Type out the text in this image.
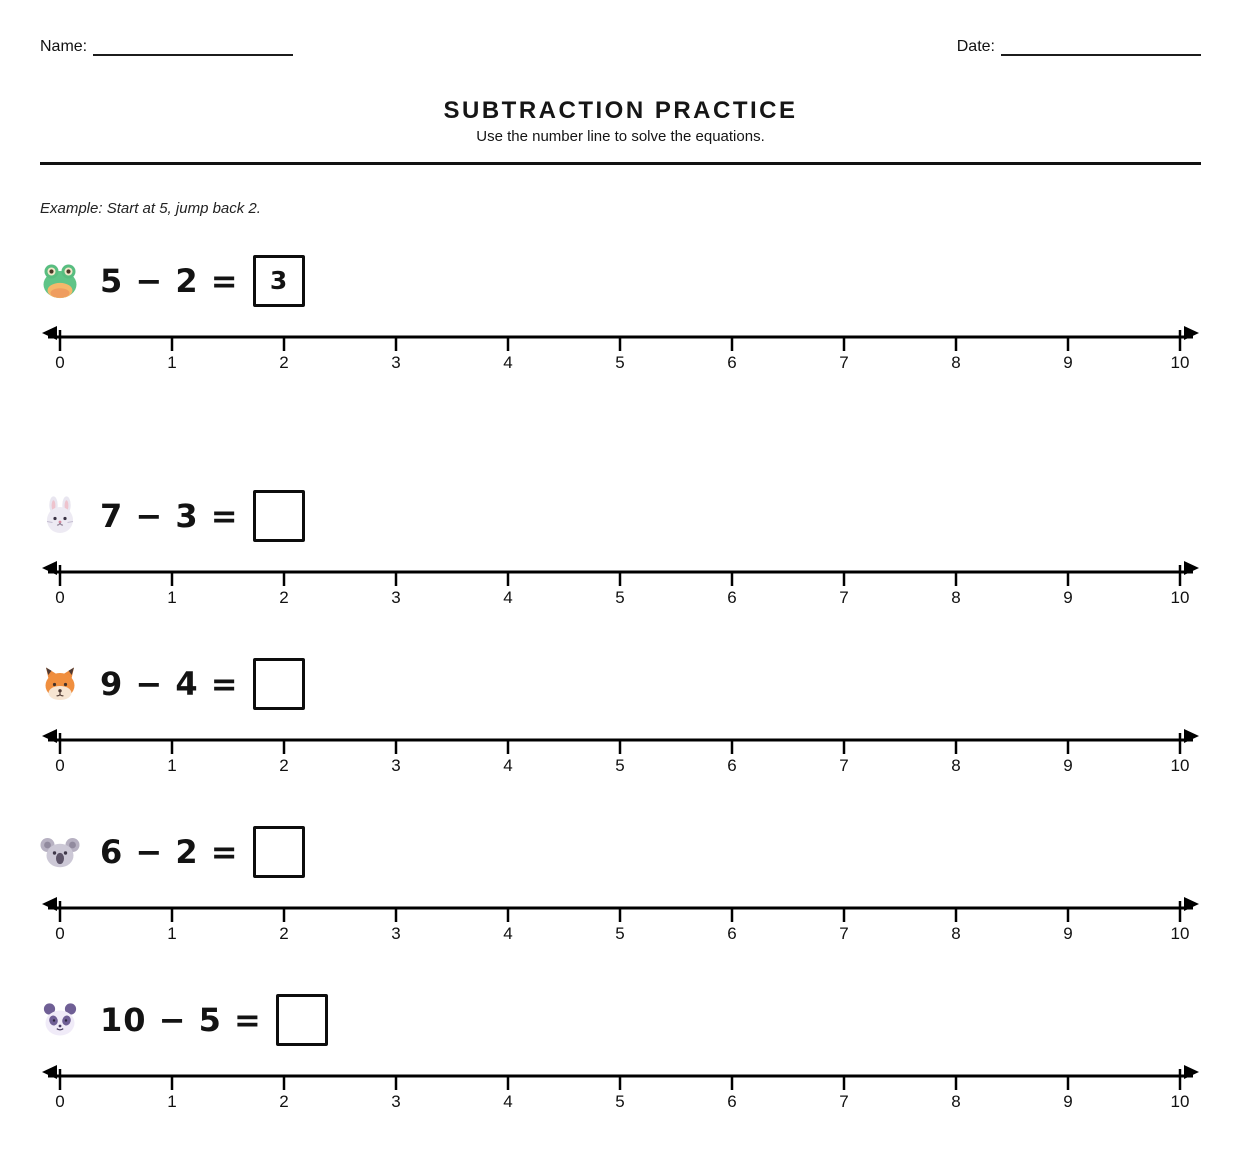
Name:	Date:
SUBTRACTION PRACTICE
Use the number line to solve the equations.
Example: Start at 5, jump back 2.
5 − 2 = 3
0	1	2	3	4	5	6	7	8	9	10
7 − 3 =
0	1	2	3	4	5	6	7	8	9	10
9 − 4 =
0	1	2	3	4	5	6	7	8	9	10
6 − 2 =
0	1	2	3	4	5	6	7	8	9	10
10 − 5 =
0	1	2	3	4	5	6	7	8	9	10
